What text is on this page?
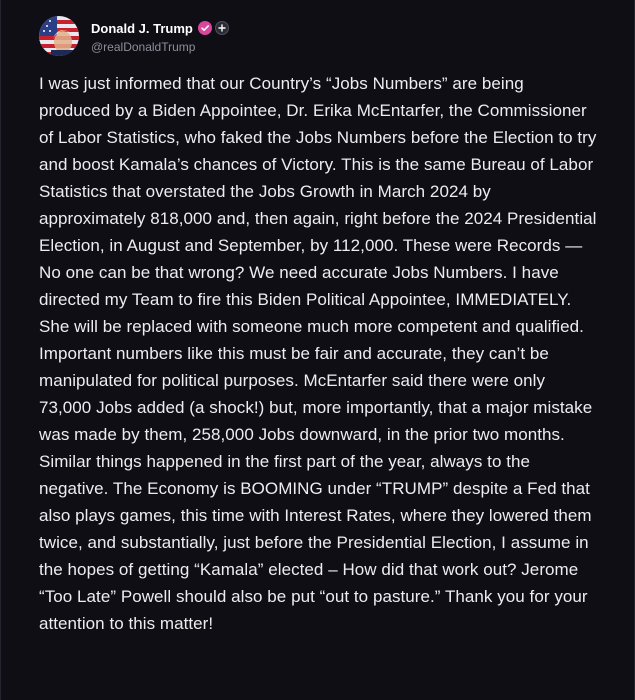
Donald J. Trump
@realDonaldTrump

I was just informed that our Country’s “Jobs Numbers” are being produced by a Biden Appointee, Dr. Erika McEntarfer, the Commissioner of Labor Statistics, who faked the Jobs Numbers before the Election to try and boost Kamala’s chances of Victory. This is the same Bureau of Labor Statistics that overstated the Jobs Growth in March 2024 by approximately 818,000 and, then again, right before the 2024 Presidential Election, in August and September, by 112,000. These were Records — No one can be that wrong? We need accurate Jobs Numbers. I have directed my Team to fire this Biden Political Appointee, IMMEDIATELY. She will be replaced with someone much more competent and qualified. Important numbers like this must be fair and accurate, they can’t be manipulated for political purposes. McEntarfer said there were only 73,000 Jobs added (a shock!) but, more importantly, that a major mistake was made by them, 258,000 Jobs downward, in the prior two months. Similar things happened in the first part of the year, always to the negative. The Economy is BOOMING under “TRUMP” despite a Fed that also plays games, this time with Interest Rates, where they lowered them twice, and substantially, just before the Presidential Election, I assume in the hopes of getting “Kamala” elected – How did that work out? Jerome “Too Late” Powell should also be put “out to pasture.” Thank you for your attention to this matter!
